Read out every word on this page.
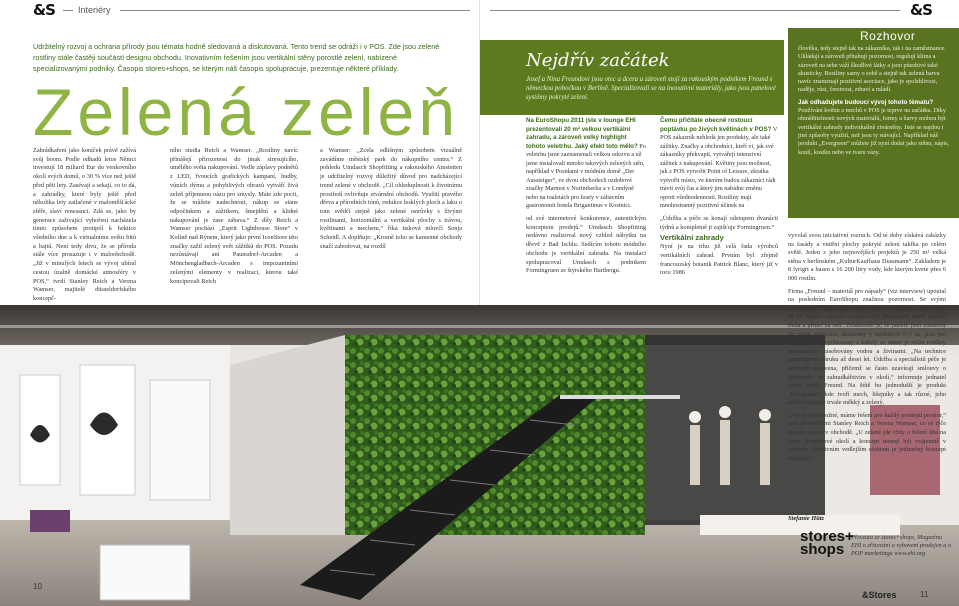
&S	Interiéry	&S
Udržitelný rozvoj a ochrana přírody jsou témata hodně sledovaná a diskutovaná. Tento trend se odráží i v POS. Zde jsou zelené rostliny stále častěji součástí designu obchodu. Inovativním řešením jsou vertikální stěny porostlé zelení, nabízené specializovanými podniky. Časopis stores+shops, se kterým náš časopis spolupracuje, prezentuje některé příklady.
Zelená zeleň
Zahrádkaření jako koníček právě zažívá svůj boom. Podle odhadů letos Němci investují 18 miliard Eur do venkovního okolí svých domů, o 30 % více než ještě před pěti lety. Zasévají a sekají, co to dá, a zahrádky, které byly ještě před několika lety zatlačené v maloměšťácké sféře, slaví renesanci. Zdá se, jako by generace zažívající vyhoření nacházela tímto způsobem protipól k hektice všedního dne a k virtualnímu světu bitů a bajtů. Není tedy divu, že se příroda stále více prosazuje i v maloobchodě. „Již v minulých letech se vývoj ubíral cestou úzalně domácké atmosféry v POS,“ tvrdí Stanley Reich a Verena Wamser, majitelé düsseldorfského koncepč-
ního studia Reich a Wamser. „Rostliny navíc přinášejí přirozenost do jinak stresujícího, umělého světa nakupování. Vedle záplavy podnětů z LED, řvoucích grafických kampaní, hudby, vůních dýmu a pohyblivých obrazů vytváří živá zeleň příjemnou oázu pro smysly. Máte zde pocit, že se můžete nadechnout, nákup se stane odpočinkem a zážitkem, šmejdění a klidné nakupování je zase zábava.“ Z díly Reich a Wamser pochází „Esprit Lighthouse Store“ v Kolíně nad Rýnem, který jako první IconStore této značky zažil zelený svět zážitků do POS. Pozadu nezůstávají ani Paunsdorf-Arcaden a Mönchengladbach-Arcaden s impozantními zelenými elementy v realizaci, kterou také koncipovali Reich
a Wamser: „Zcela odlišným způsobem vizuálně zavádíme městský park do nákupního centra.“ Z pohledu Umdasch Shopfitting a rakouského Amstetten je udržitelný rozvoj důležitý důvod pro nadcházející trend zelené v obchodě. „Cíl ohleduplnosti k životnímu prostředí ovlivňuje ztvárnění obchodů. Využití pravého dřeva a přírodních tónů, redukce lesklých ploch a laku o tom svědčí stejně jako zelené ostrůvky s živými rostlinami, horizontální a vertikální plochy s trávou, květinami a mechem,“ říká tisková mluvčí Sonja Scheidl. A doplňuje: „Kromě toho se kamenné obchody snaží zabodovat, na rozdíl
Nejdřív začátek
Josef a Nina Freundovi jsou otec a dcera a zároveň stojí za rakouským podnikem Freund s německou pobočkou v Berlíně. Specializovali se na inovativní materiály, jako jsou panelové systémy pokryté zelení.
Na EuroShopu 2011 jste v lounge EHI prezentovali 20 m² velkou vertikální zahradu, a zároveň velký highlight tohoto veletrhu. Jaký efekt toto mělo? Po veletrhu jsme zaznamenali velkou odezvu a už jsme instalovali mnoho takových zelených stěn, například v Postdami v módním domě „Der Aussteiger“, ve dvou obchodech ozdobové značky Marmot v Norimberku a v Londýně nebo na toaletách pro hosty v zábavním gastronomii hotela Brigantinus v Kostnici.
Čemu přičítáte obecně rostoucí poptávku po živých květinách v POS? V POS zákazník nehledá jen produkty, ale také zážitky. Značky a obchodníci, kteří vi, jak své zákazníky překvapit, vytvářejí intenzivní zážitek z nakupování. Květiny jsou možnost, jak z POS vytvořit Point of Leisure, zkratka vytvořit místo, ve kterém budou zákazníci rádi trávit svůj čas a který jim nabídne změnu oproti všednodennosti. Rostliny mají mnohostranný pozitivní účinek na
od své internetové konkurence, autentickým konceptem prodejů.“ Umdasch Shopfitting nedávno realizoval nový vzhled nábytku na dřevě z Bad Ischlu. Sedícím tohoto módního obchodu je vertikální zahrada. Na instalaci spolupracoval Umdasch s podnikem Formingruen ze štýrského Hartbergu.
„Údržba a péče se konají odstupem dvanácti týdnů a kompletně ji zajišťuje Formingruen.“
Vertikální zahrady
Nyní je na trhu již celá řada výrobců vertikálních zahrad. Prvním byl zřejmě francouzský botanik Patrick Blanc, který již v roce 1986
Rozhovor
člověka, tedy stejně tak na zákazníka, tak i na zaměstnance. Ukládají a zároveň přitahují pozornost, regulují klima a zároveň na sebe váží škodlivé látky a jsou působivé také akusticky. Rostliny samy o sobě a stejně tak zelená barva navíc znamenají pozitivní asociace, jako je spolehlivost, naděje, růst, čerstvost, zdraví a mládí.
Jak odhadujete budoucí vývoj tohoto tématu?
Používání květin a mechů v POS je teprve na začátku. Díky obměňitelnosti nových materiálů, formy a barvy mohou být vertikální zahrady individuálně ztvárněny. Jisté se najdou i jiné způsoby využití, než jsou ty stávající. Například náš produkt „Evergreen“ můžete již nyní dodat jako stěnu, nápis, kouli, kostku nebo ve tvaru vázy.

vyvolal svou iniciativní rozruch. Od té doby získává zakázky na fasády a vnitřní plochy pokryté zelení takřka po celém světě. Jeden z jeho nejnovějších projektů je 250 m² velká stěna v berlínském „KulturKaufhaus Dussmann“. Zakladem je 8 lyrigrt a basen s 16 200 litry vody, kde kterým kvete přes 6 000 rostlin.

Firma „Freund – materiál pro nápady“ (viz interview) upoutal na posledním EuroShopu značnou pozornost. Se svými „LivePanel“ nabízí stále zelené stěny s rostlinami, které jsou již při dodání vzrostlé a mohou být připevněny téměř jakkoli třeba a přímo na zeď. Zvláštností je, že panely jsou zasazeny do země pěstování, dodávány v modulech 5×1 m, jsou pro stejné výběry vyobrazeny a kabely se mimo je nelze rostliny automaticky zásobovány vodou a živinami. „Na technice garantujeme záruku až deset let. Údržba a specialistů péče je smluvně upravena, přičemž se často uzavírají smlouvy o spolupráci se zahradkářstvím v okolí,“ informuje jednatel firmy Josef Freund. Na štítě bu jednodušší je produkt „Evergreen“, kde tvoří mech, lišejníky a tak různé, jeho pohled zůstane trvale měkký a zelený.

„Nic není nemožné, máme řešení pro každý prodejní prostor,“ jsou přesvědčeni Stanley Reich a Verena Wamser, co se týče tématu zelené v obchodě. „U zelené jde vždy o řešení šitá na míru. Prostorové okolí a koncept musejí být vzájemně v souladu. Pozitivním vedlejším efektem je jedinečný koncept obchodu.“

Stefanie Hütz
stores+
shops
Převzato ze stores+shops, Magazínu EHI o zřizování a vybavení prodejen a o POP marketingu www.ehi.org
10
11
&Stores
